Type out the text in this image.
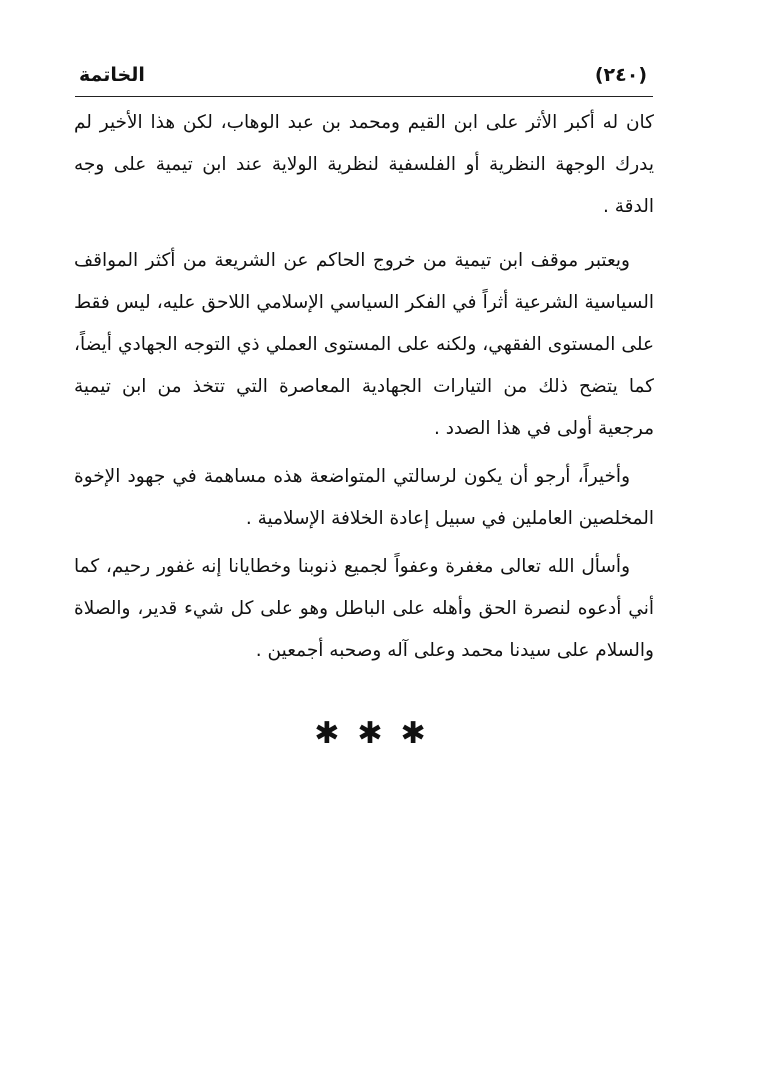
الخاتمة	(٢٤٠)

كان له أكبر الأثر على ابن القيم ومحمد بن عبد الوهاب، لكن هذا الأخير لم يدرك الوجهة النظرية أو الفلسفية لنظرية الولاية عند ابن تيمية على وجه الدقة .

ويعتبر موقف ابن تيمية من خروج الحاكم عن الشريعة من أكثر المواقف السياسية الشرعية أثراً في الفكر السياسي الإسلامي اللاحق عليه، ليس فقط على المستوى الفقهي، ولكنه على المستوى العملي ذي التوجه الجهادي أيضاً، كما يتضح ذلك من التيارات الجهادية المعاصرة التي تتخذ من ابن تيمية مرجعية أولى في هذا الصدد .

وأخيراً، أرجو أن يكون لرسالتي المتواضعة هذه مساهمة في جهود الإخوة المخلصين العاملين في سبيل إعادة الخلافة الإسلامية .

وأسأل الله تعالى مغفرة وعفواً لجميع ذنوبنا وخطايانا إنه غفور رحيم، كما أني أدعوه لنصرة الحق وأهله على الباطل وهو على كل شيء قدير، والصلاة والسلام على سيدنا محمد وعلى آله وصحبه أجمعين .

✱✱✱
